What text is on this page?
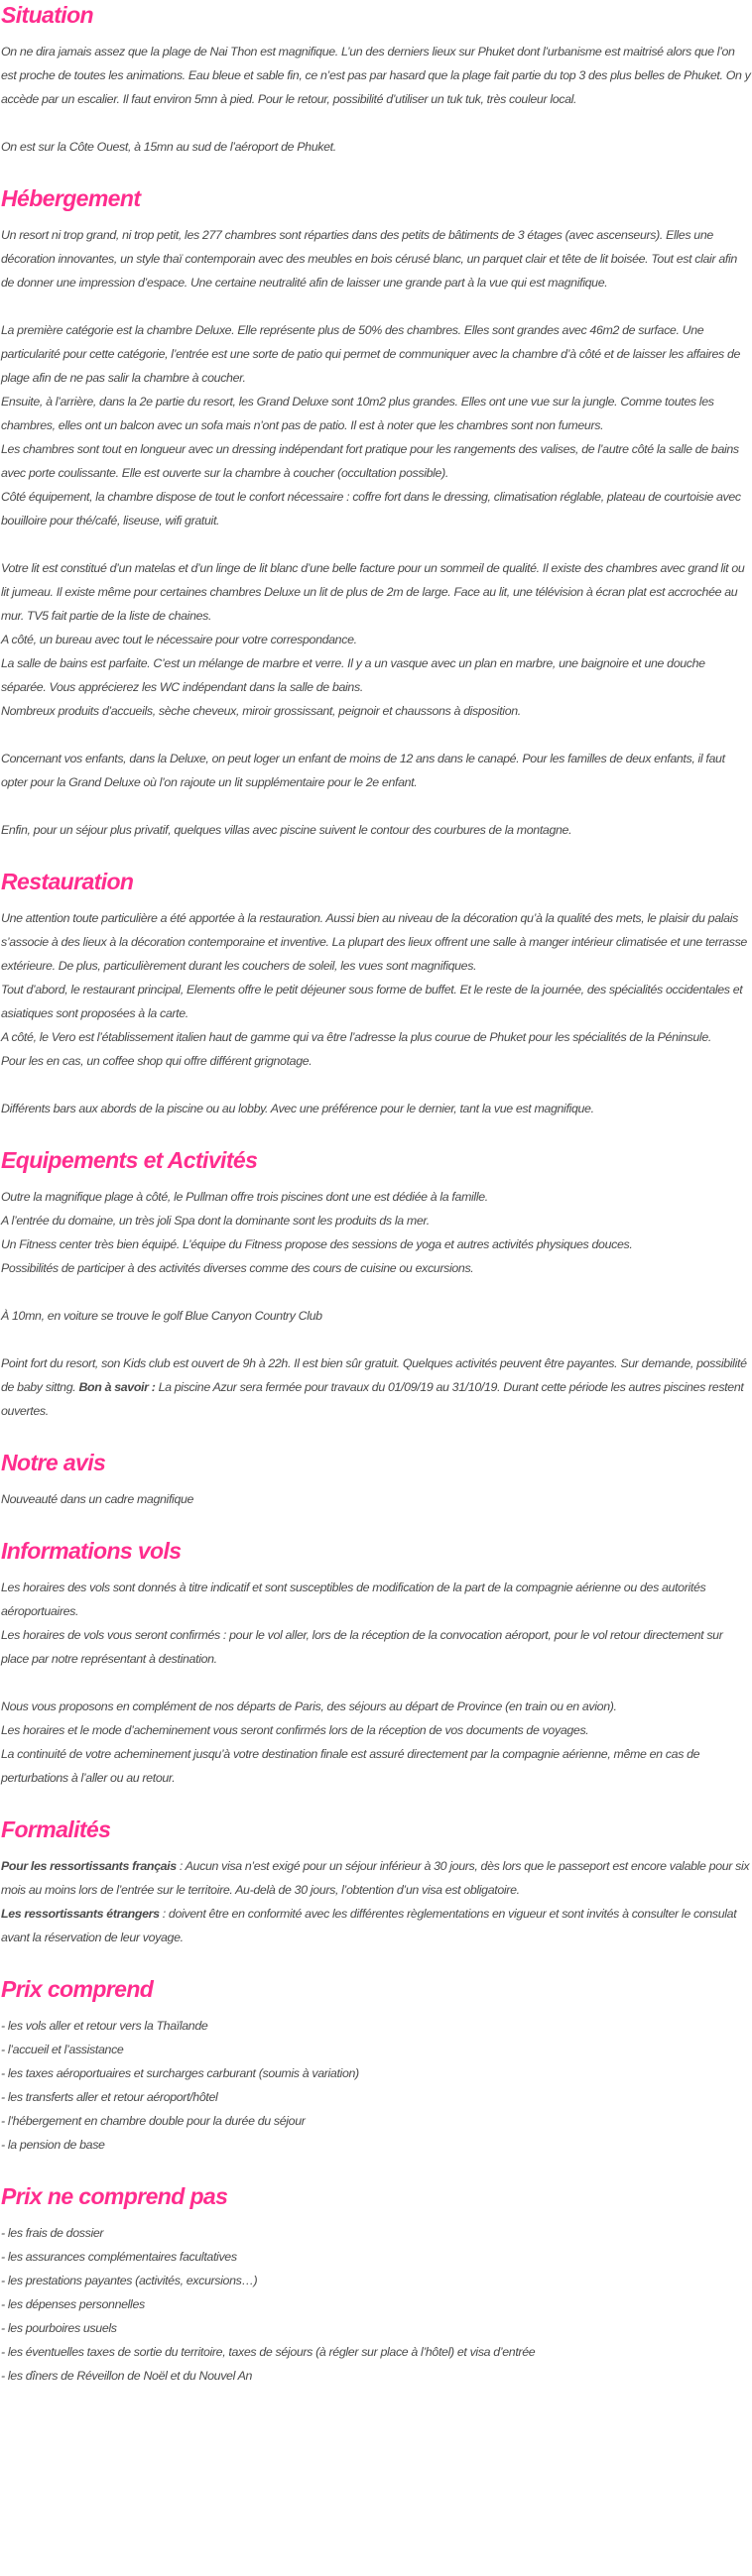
Situation

On ne dira jamais assez que la plage de Nai Thon est magnifique. L’un des derniers lieux sur Phuket dont l’urbanisme est maitrisé alors que l’on est proche de toutes les animations. Eau bleue et sable fin, ce n’est pas par hasard que la plage fait partie du top 3 des plus belles de Phuket. On y accède par un escalier. Il faut environ 5mn à pied. Pour le retour, possibilité d’utiliser un tuk tuk, très couleur local.

On est sur la Côte Ouest, à 15mn au sud de l’aéroport de Phuket.

Hébergement

Un resort ni trop grand, ni trop petit, les 277 chambres sont réparties dans des petits de bâtiments de 3 étages (avec ascenseurs). Elles une décoration innovantes, un style thaï contemporain avec des meubles en bois cérusé blanc, un parquet clair et tête de lit boisée. Tout est clair afin de donner une impression d’espace. Une certaine neutralité afin de laisser une grande part à la vue qui est magnifique.

La première catégorie est la chambre Deluxe. Elle représente plus de 50% des chambres. Elles sont grandes avec 46m2 de surface. Une particularité pour cette catégorie, l’entrée est une sorte de patio qui permet de communiquer avec la chambre d’à côté et de laisser les affaires de plage afin de ne pas salir la chambre à coucher.

Ensuite, à l’arrière, dans la 2e partie du resort, les Grand Deluxe sont 10m2 plus grandes. Elles ont une vue sur la jungle. Comme toutes les chambres, elles ont un balcon avec un sofa mais n’ont pas de patio. Il est à noter que les chambres sont non fumeurs.

Les chambres sont tout en longueur avec un dressing indépendant fort pratique pour les rangements des valises, de l’autre côté la salle de bains avec porte coulissante. Elle est ouverte sur la chambre à coucher (occultation possible).

Côté équipement, la chambre dispose de tout le confort nécessaire : coffre fort dans le dressing, climatisation réglable, plateau de courtoisie avec bouilloire pour thé/café, liseuse, wifi gratuit.

Votre lit est constitué d’un matelas et d’un linge de lit blanc d’une belle facture pour un sommeil de qualité. Il existe des chambres avec grand lit ou lit jumeau. Il existe même pour certaines chambres Deluxe un lit de plus de 2m de large. Face au lit, une télévision à écran plat est accrochée au mur. TV5 fait partie de la liste de chaines.

A côté, un bureau avec tout le nécessaire pour votre correspondance.

La salle de bains est parfaite. C’est un mélange de marbre et verre. Il y a un vasque avec un plan en marbre, une baignoire et une douche séparée. Vous apprécierez les WC indépendant dans la salle de bains.

Nombreux produits d’accueils, sèche cheveux, miroir grossissant, peignoir et chaussons à disposition.

Concernant vos enfants, dans la Deluxe, on peut loger un enfant de moins de 12 ans dans le canapé. Pour les familles de deux enfants, il faut opter pour la Grand Deluxe où l’on rajoute un lit supplémentaire pour le 2e enfant.

Enfin, pour un séjour plus privatif, quelques villas avec piscine suivent le contour des courbures de la montagne.

Restauration

Une attention toute particulière a été apportée à la restauration. Aussi bien au niveau de la décoration qu’à la qualité des mets, le plaisir du palais s’associe à des lieux à la décoration contemporaine et inventive. La plupart des lieux offrent une salle à manger intérieur climatisée et une terrasse extérieure. De plus, particulièrement durant les couchers de soleil, les vues sont magnifiques.

Tout d’abord, le restaurant principal, Elements offre le petit déjeuner sous forme de buffet. Et le reste de la journée, des spécialités occidentales et asiatiques sont proposées à la carte.

A côté, le Vero est l’établissement italien haut de gamme qui va être l’adresse la plus courue de Phuket pour les spécialités de la Péninsule.

Pour les en cas, un coffee shop qui offre différent grignotage.

Différents bars aux abords de la piscine ou au lobby. Avec une préférence pour le dernier, tant la vue est magnifique.

Equipements et Activités

Outre la magnifique plage à côté, le Pullman offre trois piscines dont une est dédiée à la famille.

A l’entrée du domaine, un très joli Spa dont la dominante sont les produits ds la mer.

Un Fitness center très bien équipé. L’équipe du Fitness propose des sessions de yoga et autres activités physiques douces.

Possibilités de participer à des activités diverses comme des cours de cuisine ou excursions.

À 10mn, en voiture se trouve le golf Blue Canyon Country Club

Point fort du resort, son Kids club est ouvert de 9h à 22h. Il est bien sûr gratuit. Quelques activités peuvent être payantes. Sur demande, possibilité de baby sittng. Bon à savoir : La piscine Azur sera fermée pour travaux du 01/09/19 au 31/10/19. Durant cette période les autres piscines restent ouvertes.

Notre avis

Nouveauté dans un cadre magnifique

Informations vols

Les horaires des vols sont donnés à titre indicatif et sont susceptibles de modification de la part de la compagnie aérienne ou des autorités aéroportuaires.

Les horaires de vols vous seront confirmés : pour le vol aller, lors de la réception de la convocation aéroport, pour le vol retour directement sur place par notre représentant à destination.

Nous vous proposons en complément de nos départs de Paris, des séjours au départ de Province (en train ou en avion).

Les horaires et le mode d’acheminement vous seront confirmés lors de la réception de vos documents de voyages.

La continuité de votre acheminement jusqu’à votre destination finale est assuré directement par la compagnie aérienne, même en cas de perturbations à l’aller ou au retour.

Formalités

Pour les ressortissants français : Aucun visa n’est exigé pour un séjour inférieur à 30 jours, dès lors que le passeport est encore valable pour six mois au moins lors de l’entrée sur le territoire. Au-delà de 30 jours, l’obtention d’un visa est obligatoire.

Les ressortissants étrangers : doivent être en conformité avec les différentes règlementations en vigueur et sont invités à consulter le consulat avant la réservation de leur voyage.

Prix comprend

- les vols aller et retour vers la Thaïlande

- l’accueil et l’assistance

- les taxes aéroportuaires et surcharges carburant (soumis à variation)

- les transferts aller et retour aéroport/hôtel

- l’hébergement en chambre double pour la durée du séjour

- la pension de base

Prix ne comprend pas

- les frais de dossier

- les assurances complémentaires facultatives

- les prestations payantes (activités, excursions…)

- les dépenses personnelles

- les pourboires usuels

- les éventuelles taxes de sortie du territoire, taxes de séjours (à régler sur place à l’hôtel) et visa d’entrée

- les dîners de Réveillon de Noël et du Nouvel An
